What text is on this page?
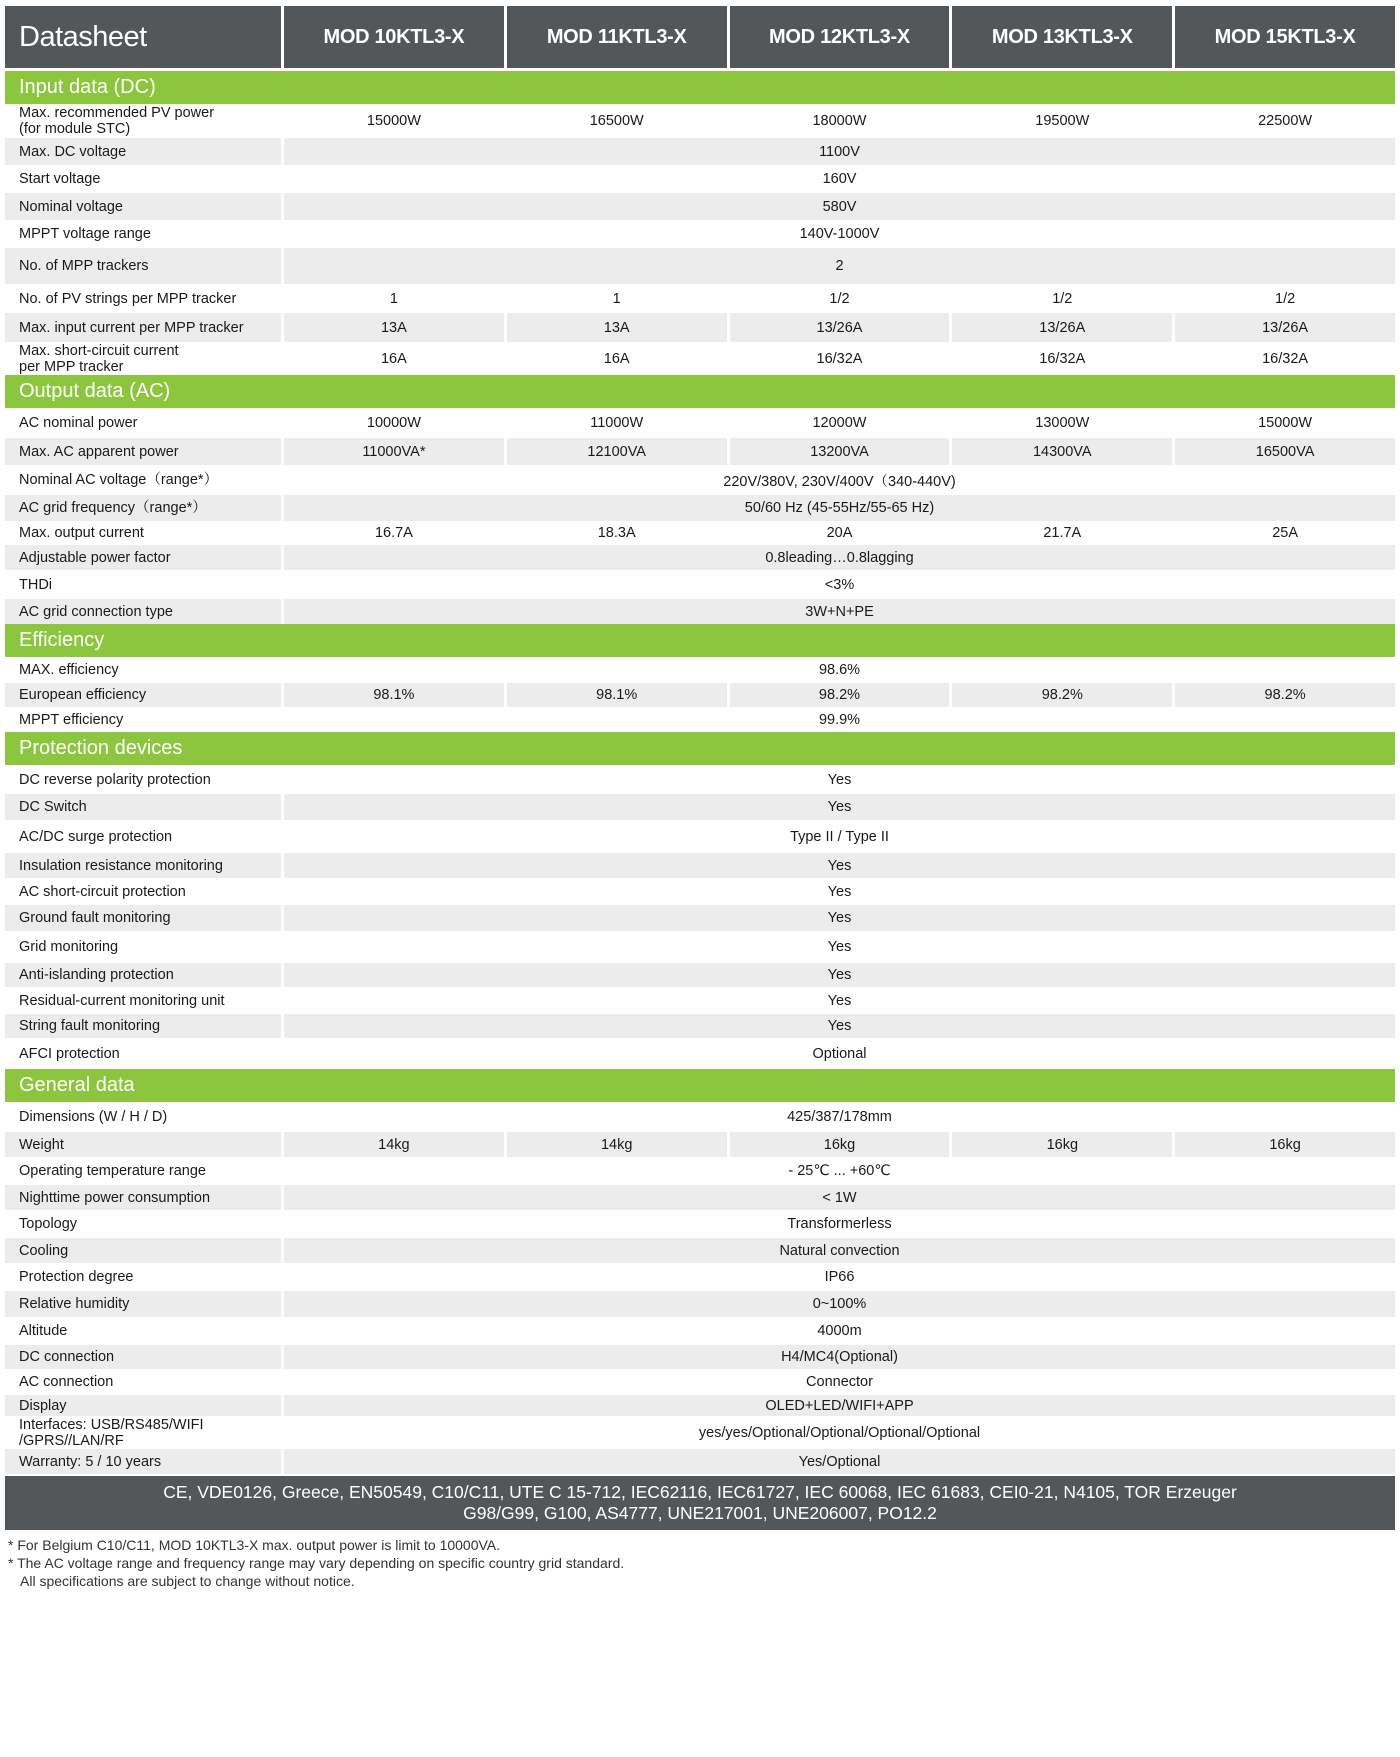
Datasheet	MOD 10KTL3-X	MOD 11KTL3-X	MOD 12KTL3-X	MOD 13KTL3-X	MOD 15KTL3-X
Input data (DC)					
Max. recommended PV power
(for module STC)	15000W	16500W	18000W	19500W	22500W
Max. DC voltage	1100V				
Start voltage	160V				
Nominal voltage	580V				
MPPT voltage range	140V-1000V				
No. of MPP trackers	2				
No. of PV strings per MPP tracker	1	1	1/2	1/2	1/2
Max. input current per MPP tracker	13A	13A	13/26A	13/26A	13/26A
Max. short-circuit current
per MPP tracker	16A	16A	16/32A	16/32A	16/32A
Output data (AC)					
AC nominal power	10000W	11000W	12000W	13000W	15000W
Max. AC apparent power	11000VA*	12100VA	13200VA	14300VA	16500VA
Nominal AC voltage（range*）	220V/380V, 230V/400V（340-440V)				
AC grid frequency（range*）	50/60 Hz (45-55Hz/55-65 Hz)				
Max. output current	16.7A	18.3A	20A	21.7A	25A
Adjustable power factor	0.8leading…0.8lagging				
THDi	<3%				
AC grid connection type	3W+N+PE				
Efficiency					
MAX. efficiency	98.6%				
European efficiency	98.1%	98.1%	98.2%	98.2%	98.2%
MPPT efficiency	99.9%				
Protection devices					
DC reverse polarity protection	Yes				
DC Switch	Yes				
AC/DC surge protection	Type II / Type II				
Insulation resistance monitoring	Yes				
AC short-circuit protection	Yes				
Ground fault monitoring	Yes				
Grid monitoring	Yes				
Anti-islanding protection	Yes				
Residual-current monitoring unit	Yes				
String fault monitoring	Yes				
AFCI protection	Optional				
General data					
Dimensions (W / H / D)	425/387/178mm				
Weight	14kg	14kg	16kg	16kg	16kg
Operating temperature range	- 25℃ ... +60℃				
Nighttime power consumption	< 1W				
Topology	Transformerless				
Cooling	Natural convection				
Protection degree	IP66				
Relative humidity	0~100%				
Altitude	4000m				
DC connection	H4/MC4(Optional)				
AC connection	Connector				
Display	OLED+LED/WIFI+APP				
Interfaces: USB/RS485/WIFI
/GPRS//LAN/RF	yes/yes/Optional/Optional/Optional/Optional				
Warranty: 5 / 10 years	Yes/Optional				
CE, VDE0126, Greece, EN50549, C10/C11, UTE C 15-712, IEC62116, IEC61727, IEC 60068, IEC 61683, CEI0-21, N4105, TOR Erzeuger
G98/G99, G100, AS4777, UNE217001, UNE206007, PO12.2
* For Belgium C10/C11, MOD 10KTL3-X max. output power is limit to 10000VA.
* The AC voltage range and frequency range may vary depending on specific country grid standard.
All specifications are subject to change without notice.
